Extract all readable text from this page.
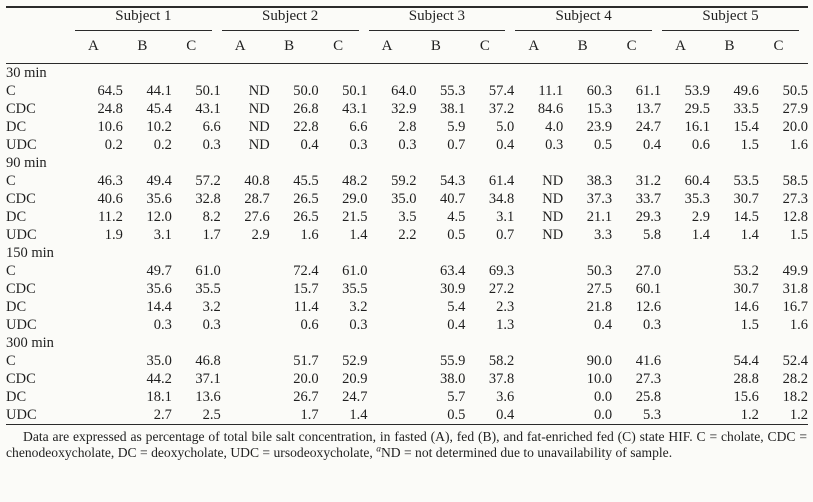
	Subject 1			Subject 2			Subject 3			Subject 4			Subject 5		

	A	B	C	A	B	C	A	B	C	A	B	C	A	B	C
30 min															
C	64.5	44.1	50.1	ND	50.0	50.1	64.0	55.3	57.4	11.1	60.3	61.1	53.9	49.6	50.5
CDC	24.8	45.4	43.1	ND	26.8	43.1	32.9	38.1	37.2	84.6	15.3	13.7	29.5	33.5	27.9
DC	10.6	10.2	6.6	ND	22.8	6.6	2.8	5.9	5.0	4.0	23.9	24.7	16.1	15.4	20.0
UDC	0.2	0.2	0.3	ND	0.4	0.3	0.3	0.7	0.4	0.3	0.5	0.4	0.6	1.5	1.6
90 min															
C	46.3	49.4	57.2	40.8	45.5	48.2	59.2	54.3	61.4	ND	38.3	31.2	60.4	53.5	58.5
CDC	40.6	35.6	32.8	28.7	26.5	29.0	35.0	40.7	34.8	ND	37.3	33.7	35.3	30.7	27.3
DC	11.2	12.0	8.2	27.6	26.5	21.5	3.5	4.5	3.1	ND	21.1	29.3	2.9	14.5	12.8
UDC	1.9	3.1	1.7	2.9	1.6	1.4	2.2	0.5	0.7	ND	3.3	5.8	1.4	1.4	1.5
150 min															
C		49.7	61.0		72.4	61.0		63.4	69.3		50.3	27.0		53.2	49.9
CDC		35.6	35.5		15.7	35.5		30.9	27.2		27.5	60.1		30.7	31.8
DC		14.4	3.2		11.4	3.2		5.4	2.3		21.8	12.6		14.6	16.7
UDC		0.3	0.3		0.6	0.3		0.4	1.3		0.4	0.3		1.5	1.6
300 min															
C		35.0	46.8		51.7	52.9		55.9	58.2		90.0	41.6		54.4	52.4
CDC		44.2	37.1		20.0	20.9		38.0	37.8		10.0	27.3		28.8	28.2
DC		18.1	13.6		26.7	24.7		5.7	3.6		0.0	25.8		15.6	18.2
UDC		2.7	2.5		1.7	1.4		0.5	0.4		0.0	5.3		1.2	1.2

Data are expressed as percentage of total bile salt concentration, in fasted (A), fed (B), and fat-enriched fed (C) state HIF. C = cholate, CDC = chenodeoxycholate, DC = deoxycholate, UDC = ursodeoxycholate, $^a$ND = not determined due to unavailability of sample.
